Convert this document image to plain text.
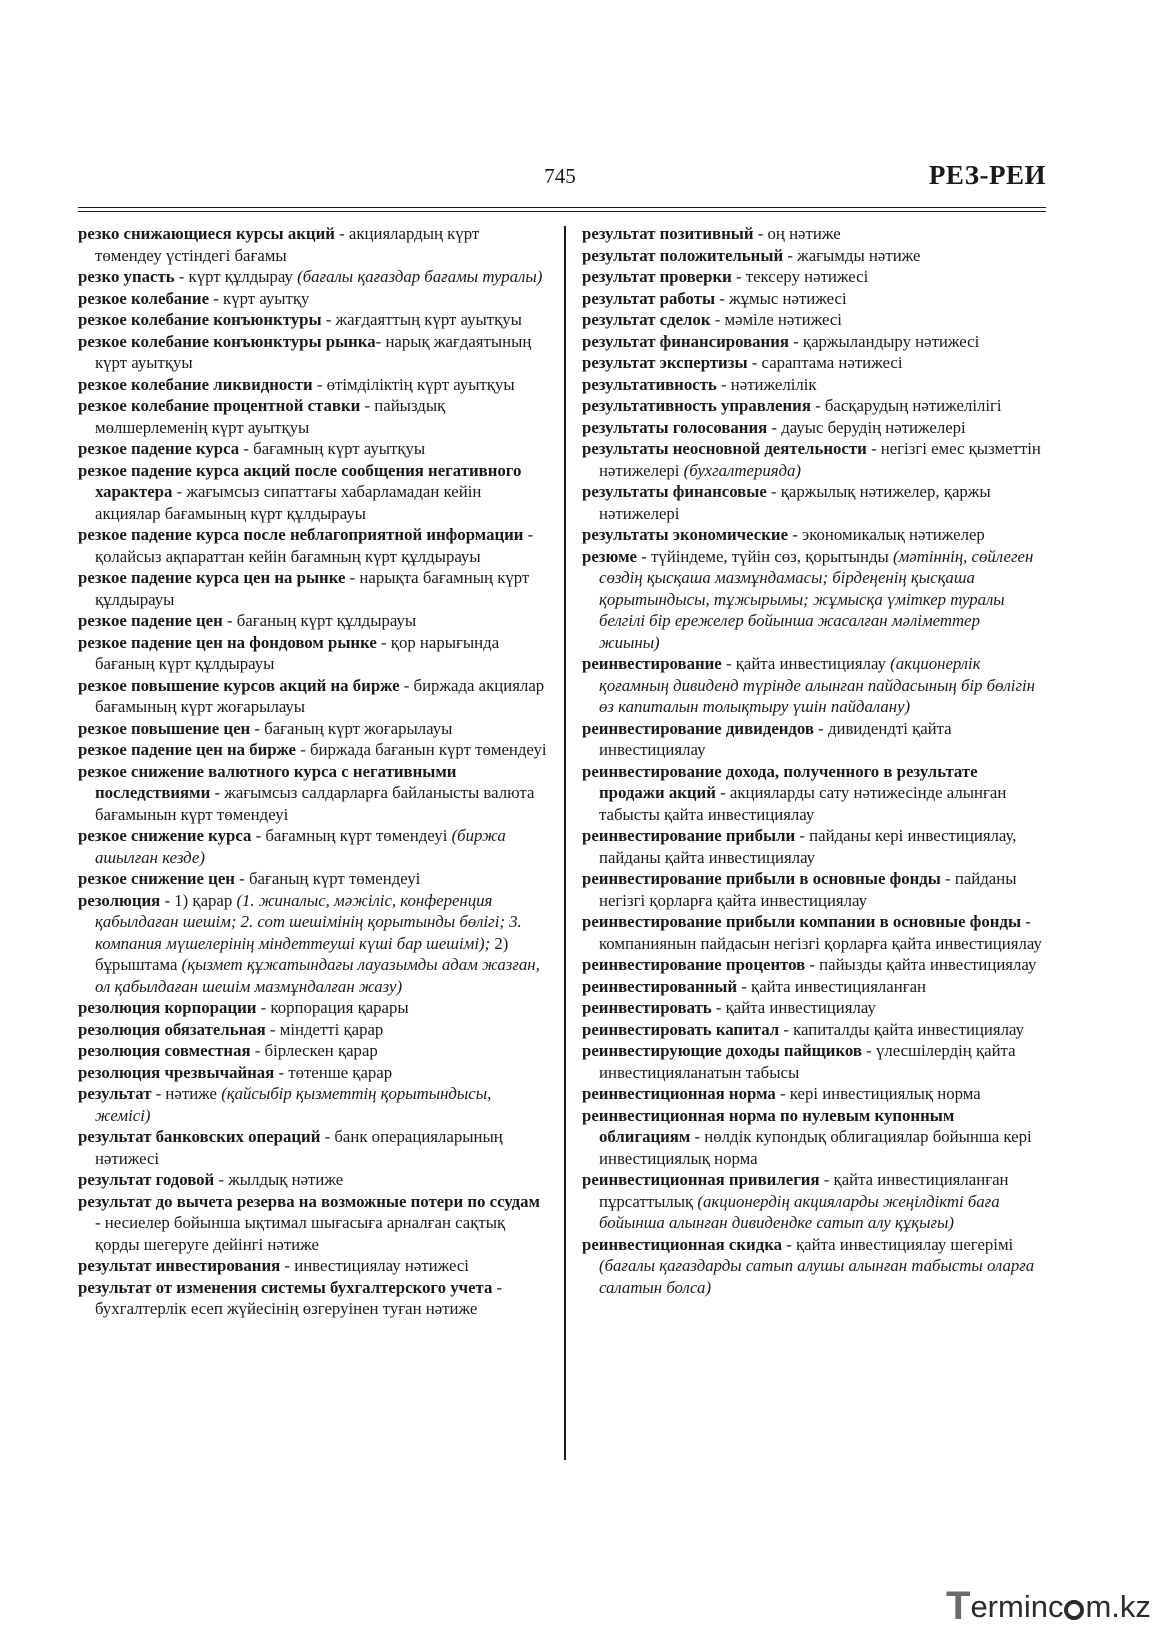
745	РЕЗ-РЕИ

резко снижающиеся курсы акций - акциялардың күрт төмендеу үстіндегі бағамы

резко упасть - күрт құлдырау (бағалы қағаздар бағамы туралы)

резкое колебание - күрт ауытқу

резкое колебание конъюнктуры - жағдаяттың күрт ауытқуы

резкое колебание конъюнктуры рынка- нарық жағдаятының күрт ауытқуы

резкое колебание ликвидности - өтімділіктің күрт ауытқуы

резкое колебание процентной ставки - пайыздық мөлшерлеменің күрт ауытқуы

резкое падение курса - бағамның күрт ауытқуы

резкое падение курса акций после сообщения негативного характера - жағымсыз сипаттағы хабарламадан кейін акциялар бағамының күрт құлдырауы

резкое падение курса после неблагоприятной информации - қолайсыз ақпараттан кейін бағамның күрт құлдырауы

резкое падение курса цен на рынке - нарықта бағамның күрт құлдырауы

резкое падение цен - бағаның күрт құлдырауы

резкое падение цен на фондовом рынке - қор нарығында бағаның күрт құлдырауы

резкое повышение курсов акций на бирже - биржада акциялар бағамының күрт жоғарылауы

резкое повышение цен - бағаның күрт жоғарылауы

резкое падение цен на бирже - биржада бағанын күрт төмендеуі

резкое снижение валютного курса с негативными последствиями - жағымсыз салдарларға байланысты валюта бағамынын күрт төмендеуі

резкое снижение курса - бағамның күрт төмендеуі (биржа ашылған кезде)

резкое снижение цен - бағаның күрт төмендеуі

резолюция - 1) қарар (1. жиналыс, мәжіліс, конференция қабылдаған шешім; 2. сот шешімінің қорытынды бөлігі; 3. компания мүшелерінің міндеттеуші күші бар шешімі); 2) бұрыштама (қызмет құжатындағы лауазымды адам жазған, ол қабылдаған шешім мазмұндалған жазу)

резолюция корпорации - корпорация қарары

резолюция обязательная - міндетті қарар

резолюция совместная - бірлескен қарар

резолюция чрезвычайная - төтенше қарар

результат - нәтиже (қайсыбір қызметтің қорытындысы, жемісі)

результат банковских операций - банк операцияларының нәтижесі

результат годовой - жылдық нәтиже

результат до вычета резерва на возможные потери по ссудам - несиелер бойынша ықтимал шығасыға арналған сақтық қорды шегеруге дейінгі нәтиже

результат инвестирования - инвестициялау нәтижесі

результат от изменения системы бухгалтерского учета - бухгалтерлік есеп жүйесінің өзгеруінен туған нәтиже

результат позитивный - оң нәтиже

результат положительный - жағымды нәтиже

результат проверки - тексеру нәтижесі

результат работы - жұмыс нәтижесі

результат сделок - мәміле нәтижесі

результат финансирования - қаржыландыру нәтижесі

результат экспертизы - сараптама нәтижесі

результативность - нәтижелілік

результативность управления - басқарудың нәтижелілігі

результаты голосования - дауыс берудің нәтижелері

результаты неосновной деятельности - негізгі емес қызметтін нәтижелері (бухгалтерияда)

результаты финансовые - қаржылық нәтижелер, қаржы нәтижелері

результаты экономические - экономикалық нәтижелер

резюме - түйіндеме, түйін сөз, қорытынды (мәтіннің, сөйлеген сөздің қысқаша мазмұндамасы; бірдеңенің қысқаша қорытындысы, тұжырымы; жұмысқа үміткер туралы белгілі бір ережелер бойынша жасалған мәліметтер жиыны)

реинвестирование - қайта инвестициялау (акционерлік қоғамның дивиденд түрінде алынған пайдасының бір бөлігін өз капиталын толықтыру үшін пайдалану)

реинвестирование дивидендов - дивидендті қайта инвестициялау

реинвестирование дохода, полученного в результате продажи акций - акцияларды сату нәтижесінде алынған табысты қайта инвестициялау

реинвестирование прибыли - пайданы кері инвестициялау, пайданы қайта инвестициялау

реинвестирование прибыли в основные фонды - пайданы негізгі қорларға қайта инвестициялау

реинвестирование прибыли компании в основные фонды - компаниянын пайдасын негізгі қорларға қайта инвестициялау

реинвестирование процентов - пайызды қайта инвестициялау

реинвестированный - қайта инвестицияланған

реинвестировать - қайта инвестициялау

реинвестировать капитал - капиталды қайта инвестициялау

реинвестирующие доходы пайщиков - үлесшілердің қайта инвестицияланатын табысы

реинвестиционная норма - кері инвестициялық норма

реинвестиционная норма по нулевым купонным облигациям - нөлдік купондық облигациялар бойынша кері инвестициялық норма

реинвестиционная привилегия - қайта инвестицияланған пұрсаттылық (акционердің акцияларды жеңілдікті баға бойынша алынған дивидендке сатып алу құқығы)

реинвестиционная скидка - қайта инвестициялау шегерімі (бағалы қағаздарды сатып алушы алынған табысты оларға салатын болса)

T ermin c m.kz
